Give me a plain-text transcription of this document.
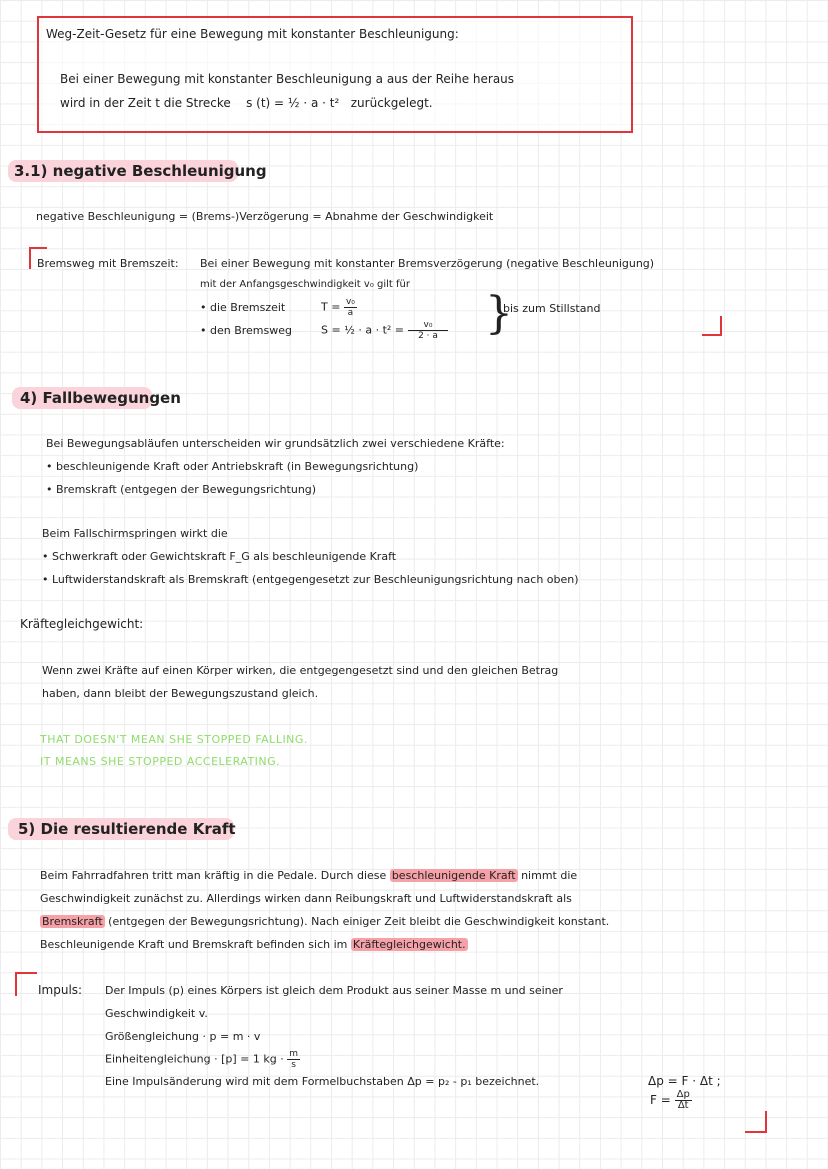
Weg-Zeit-Gesetz für eine Bewegung mit konstanter Beschleunigung:
Bei einer Bewegung mit konstanter Beschleunigung a aus der Reihe heraus
wird in der Zeit t die Strecke s (t) = ½ · a · t² zurückgelegt.
3.1) negative Beschleunigung
negative Beschleunigung = (Brems-)Verzögerung = Abnahme der Geschwindigkeit
Bremsweg mit Bremszeit: Bei einer Bewegung mit konstanter Bremsverzögerung (negative Beschleunigung)
mit der Anfangsgeschwindigkeit v₀ gilt für
• die Bremszeit	$T = \frac{\text{v₀}}{a}$
• den Bremsweg	S = ½ · $a \cdot t^2 = \frac{\text{v₀}}{2 \cdot a}$ }
bis zum Stillstand
4) Fallbewegungen
Bei Bewegungsabläufen unterscheiden wir grundsätzlich zwei verschiedene Kräfte:
• beschleunigende Kraft oder Antriebskraft (in Bewegungsrichtung)
• Bremskraft (entgegen der Bewegungsrichtung)
Beim Fallschirmspringen wirkt die
• Schwerkraft oder Gewichtskraft F_G als beschleunigende Kraft
• Luftwiderstandskraft als Bremskraft (entgegengesetzt zur Beschleunigungsrichtung nach oben)
Kräftegleichgewicht:
Wenn zwei Kräfte auf einen Körper wirken, die entgegengesetzt sind und den gleichen Betrag
haben, dann bleibt der Bewegungszustand gleich.
THAT DOESN'T MEAN SHE STOPPED FALLING.
IT MEANS SHE STOPPED ACCELERATING.
5) Die resultierende Kraft
Beim Fahrradfahren tritt man kräftig in die Pedale. Durch diese beschleunigende Kraft nimmt die
Geschwindigkeit zunächst zu. Allerdings wirken dann Reibungskraft und Luftwiderstandskraft als
Bremskraft (entgegen der Bewegungsrichtung). Nach einiger Zeit bleibt die Geschwindigkeit konstant.
Beschleunigende Kraft und Bremskraft befinden sich im Kräftegleichgewicht.
Impuls: Der Impuls (p) eines Körpers ist gleich dem Produkt aus seiner Masse m und seiner
Geschwindigkeit v.
Größengleichung · p = m · v
Einheitengleichung · [p] = 1 kg · $\frac{m}{s}$
Eine Impulsänderung wird mit dem Formelbuchstaben Δp = p₂ - p₁ bezeichnet.	Δp = F · Δt ;
$F = \frac{\Delta p}{\Delta t}$
